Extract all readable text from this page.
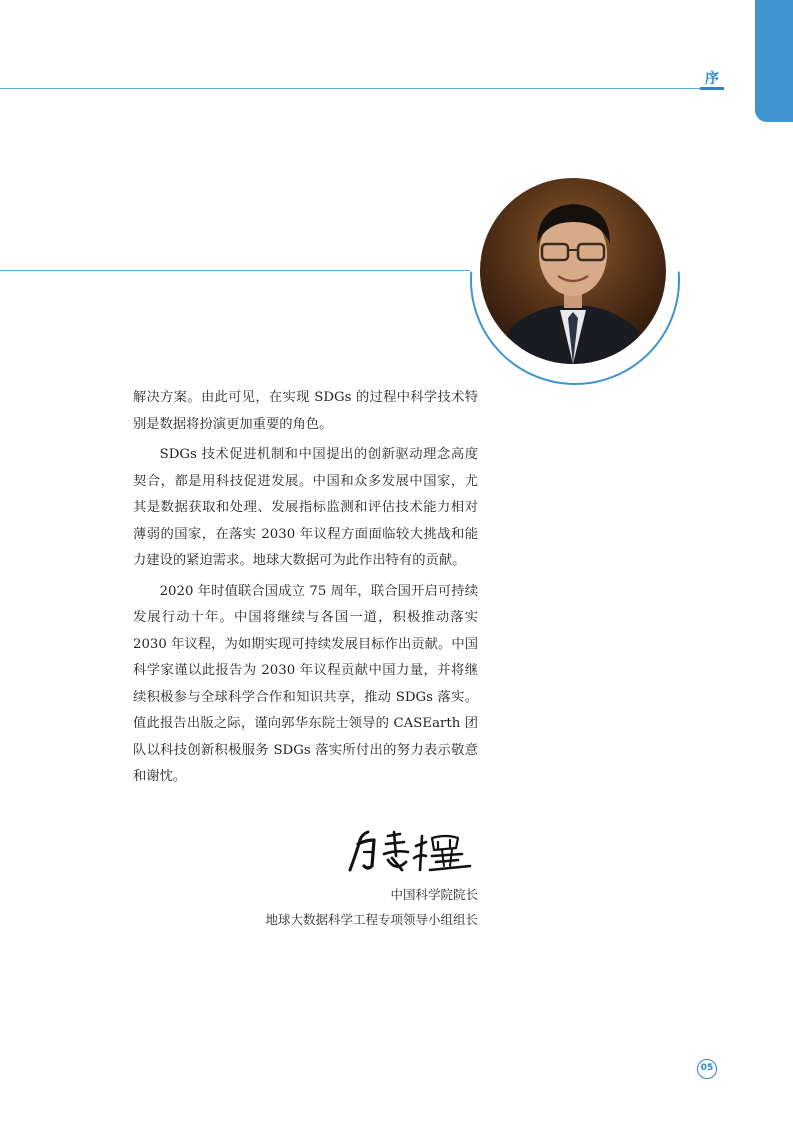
序

解决方案。由此可见，在实现 SDGs 的过程中科学技术特别是数据将扮演更加重要的角色。

SDGs 技术促进机制和中国提出的创新驱动理念高度契合，都是用科技促进发展。中国和众多发展中国家，尤其是数据获取和处理、发展指标监测和评估技术能力相对薄弱的国家，在落实 2030 年议程方面面临较大挑战和能力建设的紧迫需求。地球大数据可为此作出特有的贡献。

2020 年时值联合国成立 75 周年，联合国开启可持续发展行动十年。中国将继续与各国一道，积极推动落实 2030 年议程，为如期实现可持续发展目标作出贡献。中国科学家谨以此报告为 2030 年议程贡献中国力量，并将继续积极参与全球科学合作和知识共享，推动 SDGs 落实。值此报告出版之际，谨向郭华东院士领导的 CASEarth 团队以科技创新积极服务 SDGs 落实所付出的努力表示敬意和谢忱。

中国科学院院长
地球大数据科学工程专项领导小组组长
05
